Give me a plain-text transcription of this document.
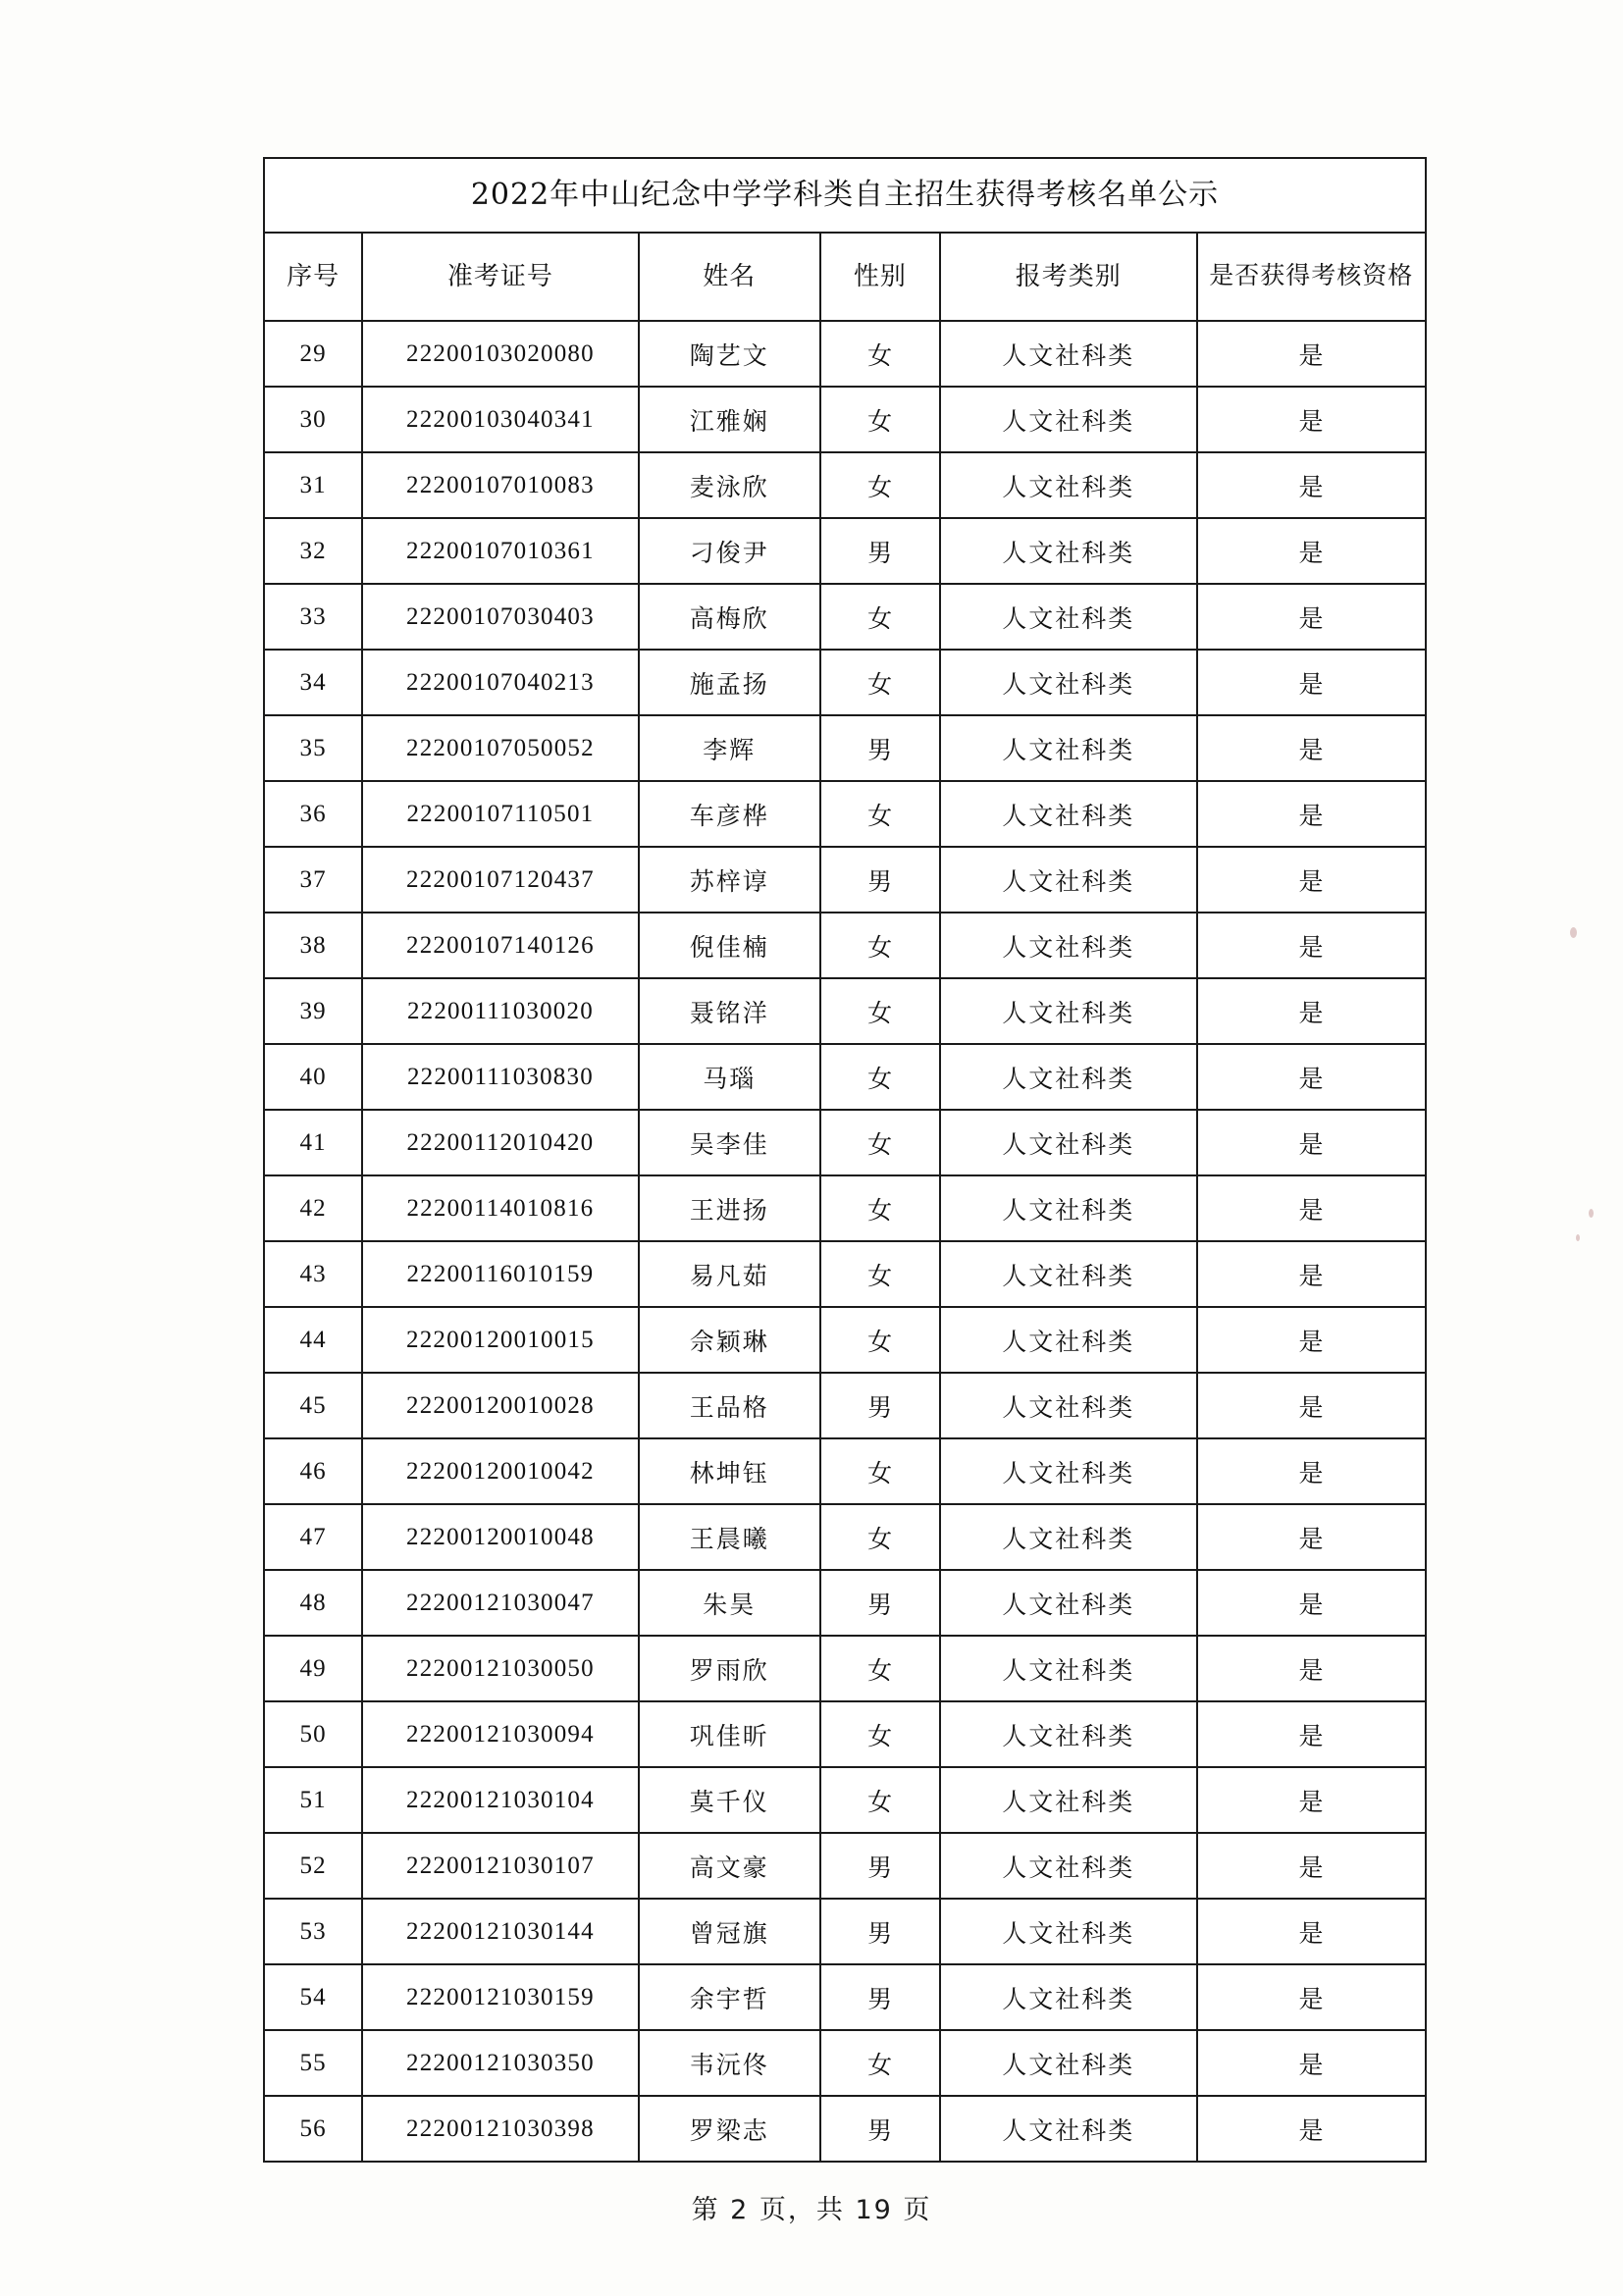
2022年中山纪念中学学科类自主招生获得考核名单公示					
序号	准考证号	姓名	性别	报考类别	是否获得考核资格
29	22200103020080	陶艺文	女	人文社科类	是
30	22200103040341	江雅娴	女	人文社科类	是
31	22200107010083	麦泳欣	女	人文社科类	是
32	22200107010361	刁俊尹	男	人文社科类	是
33	22200107030403	高梅欣	女	人文社科类	是
34	22200107040213	施孟扬	女	人文社科类	是
35	22200107050052	李辉	男	人文社科类	是
36	22200107110501	车彦桦	女	人文社科类	是
37	22200107120437	苏梓谆	男	人文社科类	是
38	22200107140126	倪佳楠	女	人文社科类	是
39	22200111030020	聂铭洋	女	人文社科类	是
40	22200111030830	马瑙	女	人文社科类	是
41	22200112010420	吴李佳	女	人文社科类	是
42	22200114010816	王进扬	女	人文社科类	是
43	22200116010159	易凡茹	女	人文社科类	是
44	22200120010015	佘颖琳	女	人文社科类	是
45	22200120010028	王品格	男	人文社科类	是
46	22200120010042	林坤钰	女	人文社科类	是
47	22200120010048	王晨曦	女	人文社科类	是
48	22200121030047	朱昊	男	人文社科类	是
49	22200121030050	罗雨欣	女	人文社科类	是
50	22200121030094	巩佳昕	女	人文社科类	是
51	22200121030104	莫千仪	女	人文社科类	是
52	22200121030107	高文豪	男	人文社科类	是
53	22200121030144	曾冠旗	男	人文社科类	是
54	22200121030159	余宇哲	男	人文社科类	是
55	22200121030350	韦沅佟	女	人文社科类	是
56	22200121030398	罗梁志	男	人文社科类	是
第 2 页，共 19 页
